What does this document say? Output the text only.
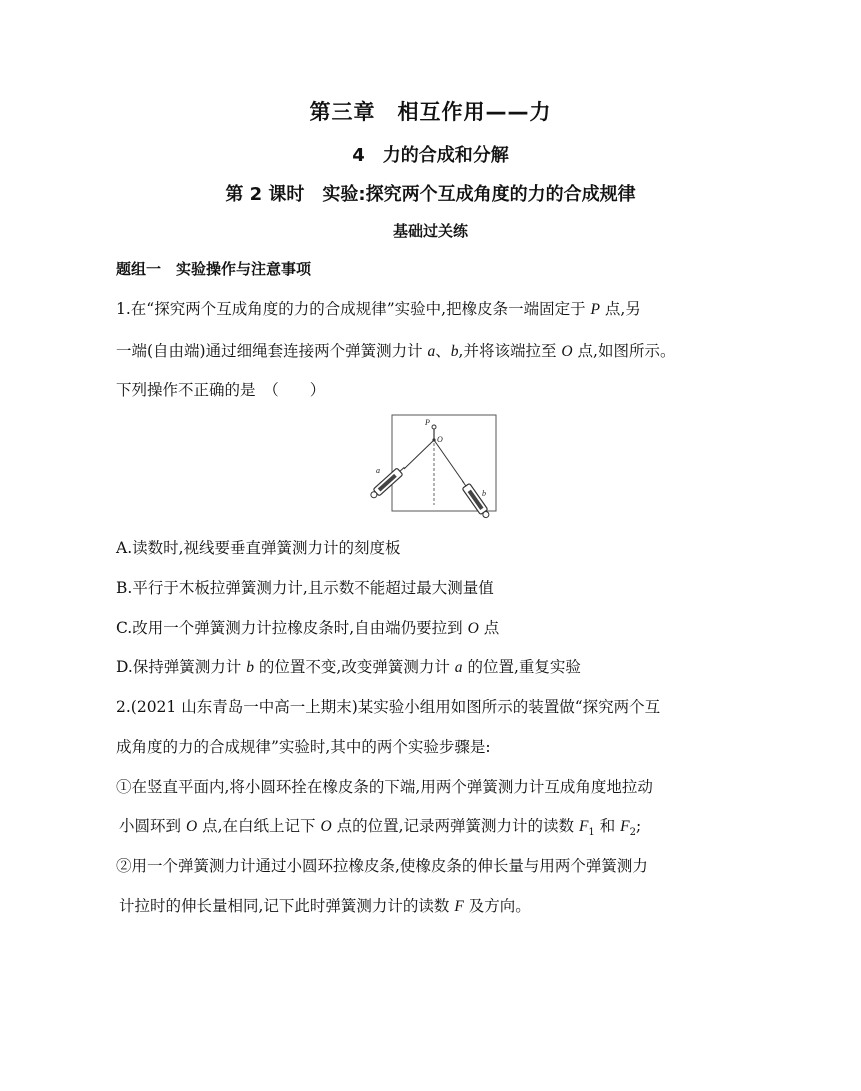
第三章　相互作用——力
4　力的合成和分解
第 2 课时　实验:探究两个互成角度的力的合成规律
基础过关练
题组一　实验操作与注意事项
1.在“探究两个互成角度的力的合成规律”实验中,把橡皮条一端固定于 P 点,另
一端(自由端)通过细绳套连接两个弹簧测力计 a、b,并将该端拉至 O 点,如图所示。
下列操作不正确的是　（　　）
P
O
a
b
A.读数时,视线要垂直弹簧测力计的刻度板
B.平行于木板拉弹簧测力计,且示数不能超过最大测量值
C.改用一个弹簧测力计拉橡皮条时,自由端仍要拉到 O 点
D.保持弹簧测力计 b 的位置不变,改变弹簧测力计 a 的位置,重复实验
2.(2021 山东青岛一中高一上期末)某实验小组用如图所示的装置做“探究两个互
成角度的力的合成规律”实验时,其中的两个实验步骤是:
①在竖直平面内,将小圆环拴在橡皮条的下端,用两个弹簧测力计互成角度地拉动
小圆环到 O 点,在白纸上记下 O 点的位置,记录两弹簧测力计的读数 $F_1$ 和 $F_2$;
②用一个弹簧测力计通过小圆环拉橡皮条,使橡皮条的伸长量与用两个弹簧测力
计拉时的伸长量相同,记下此时弹簧测力计的读数 F 及方向。
